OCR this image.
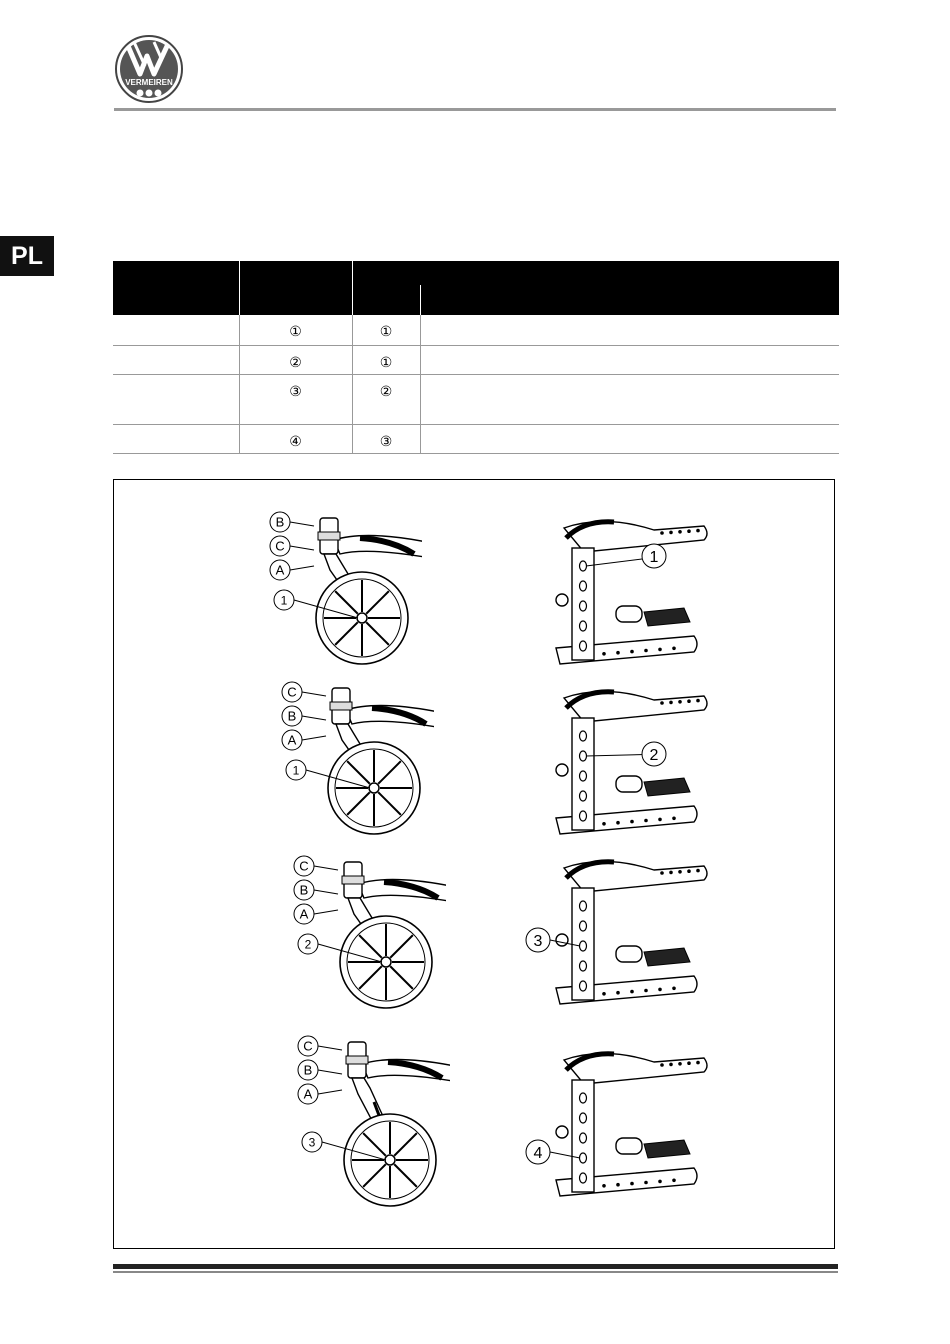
VERMEIREN
PL

	①	①	
	②	①	
	③	②	
	④	③	
B
C
A
1
C
B
A
1
C
B
A
2
C
B
A
3
1
2
3
4
